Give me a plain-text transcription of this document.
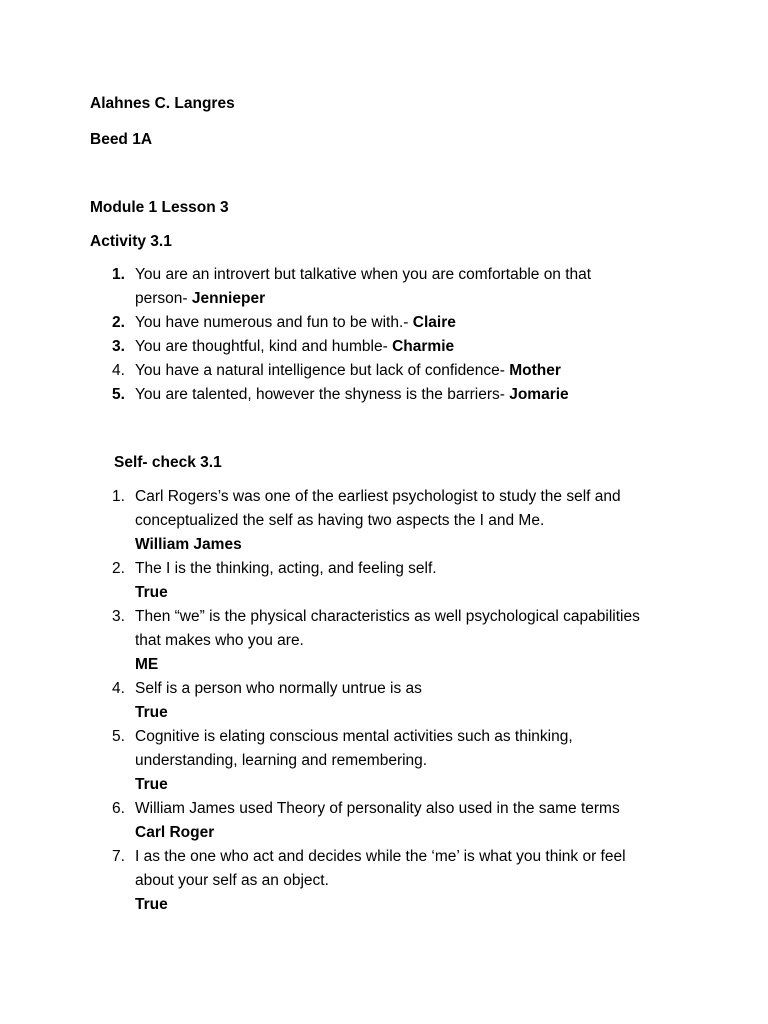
Alahnes C. Langres
Beed 1A
Module 1 Lesson 3
Activity 3.1
1. You are an introvert but talkative when you are comfortable on that person- Jennieper
2. You have numerous and fun to be with.- Claire
3. You are thoughtful, kind and humble- Charmie
4. You have a natural intelligence but lack of confidence- Mother
5. You are talented, however the shyness is the barriers- Jomarie
Self- check 3.1
1. Carl Rogers’s was one of the earliest psychologist to study the self and conceptualized the self as having two aspects the I and Me.
William James
2. The I is the thinking, acting, and feeling self.
True
3. Then “we” is the physical characteristics as well psychological capabilities that makes who you are.
ME
4. Self is a person who normally untrue is as
True
5. Cognitive is elating conscious mental activities such as thinking, understanding, learning and remembering.
True
6. William James used Theory of personality also used in the same terms
Carl Roger
7. I as the one who act and decides while the ‘me’ is what you think or feel about your self as an object.
True
